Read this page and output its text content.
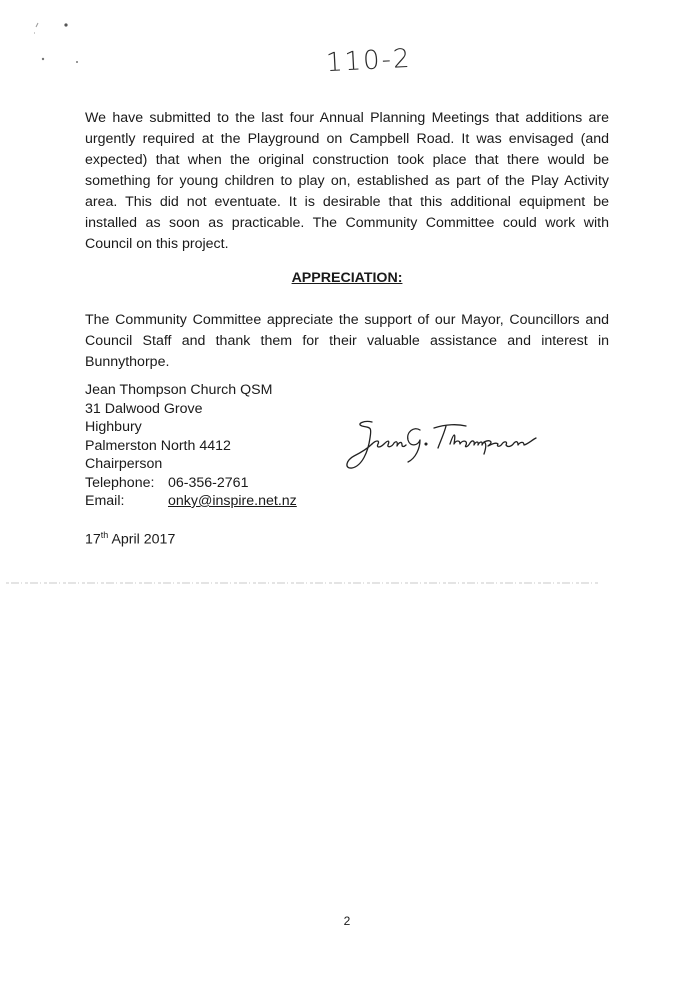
110-2

We have submitted to the last four Annual Planning Meetings that additions are urgently required at the Playground on Campbell Road. It was envisaged (and expected) that when the original construction took place that there would be something for young children to play on, established as part of the Play Activity area. This did not eventuate. It is desirable that this additional equipment be installed as soon as practicable. The Community Committee could work with Council on this project.

APPRECIATION:

The Community Committee appreciate the support of our Mayor, Councillors and Council Staff and thank them for their valuable assistance and interest in Bunnythorpe.

Jean Thompson Church QSM
31 Dalwood Grove
Highbury
Palmerston North 4412
Chairperson
Telephone: 06-356-2761
Email:	onky@inspire.net.nz
17th April 2017
2
